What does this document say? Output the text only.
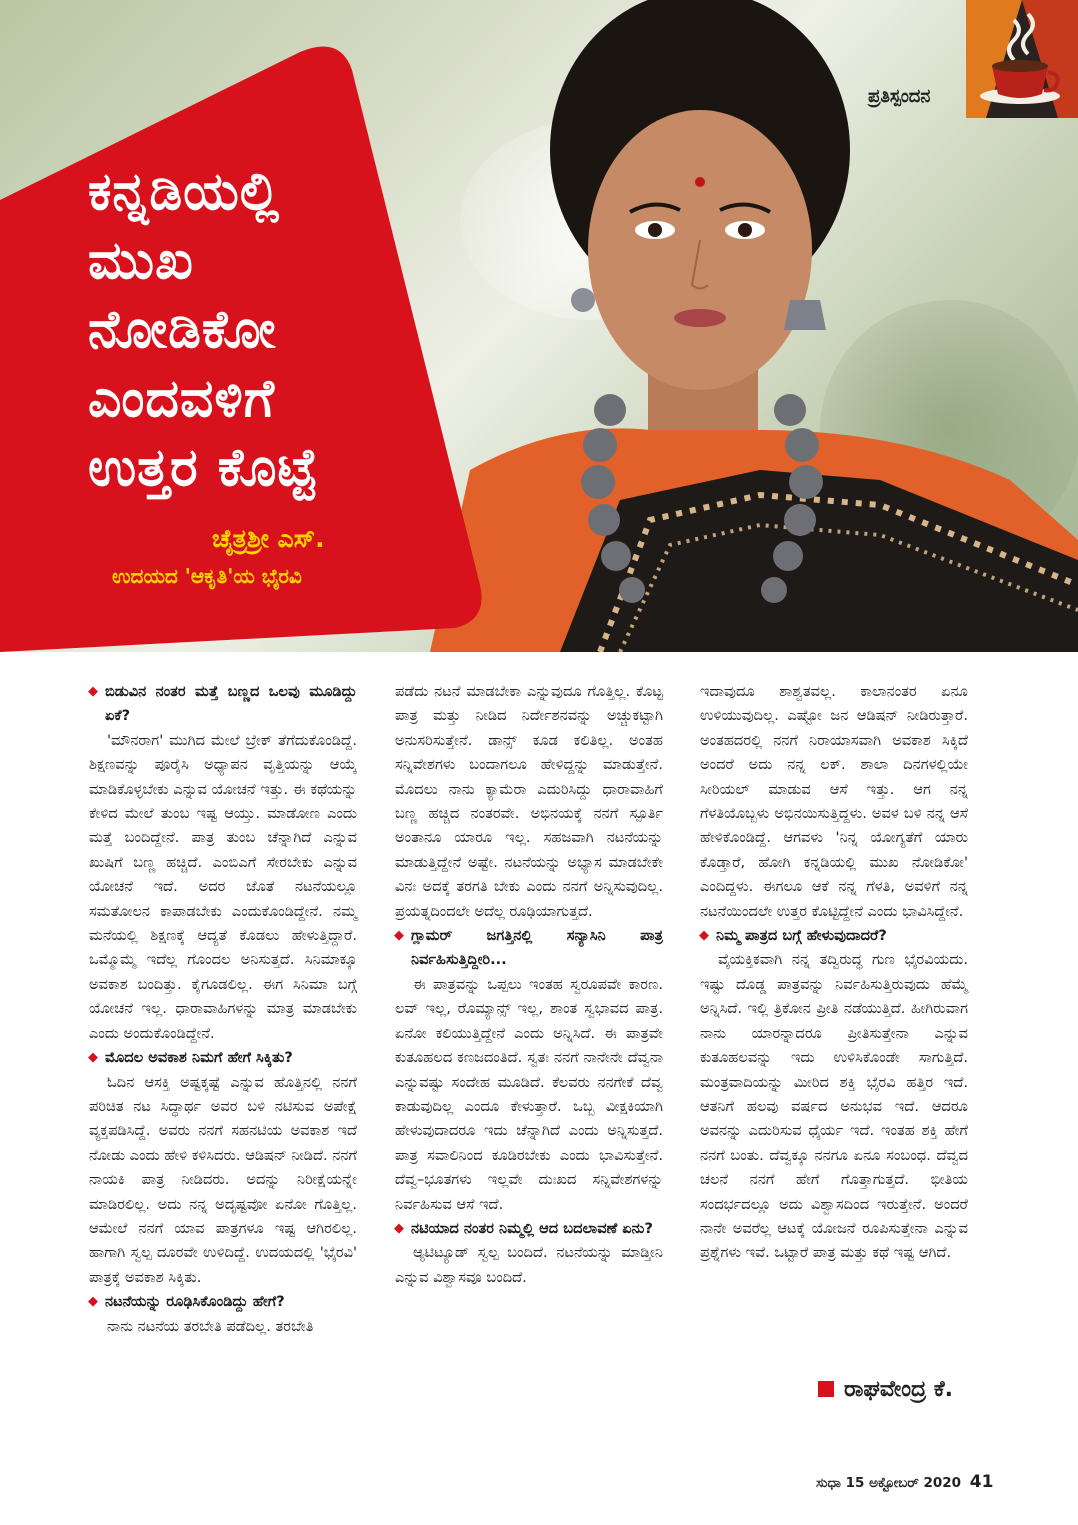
ಕನ್ನಡಿಯಲ್ಲಿ
ಮುಖ
ನೋಡಿಕೋ
ಎಂದವಳಿಗೆ
ಉತ್ತರ ಕೊಟ್ಟೆ

ಚೈತ್ರಶ್ರೀ ಎಸ್‌.

ಉದಯದ 'ಆಕೃತಿ'ಯ ಭೈರವಿ

ಪ್ರತಿಸ್ಪಂದನ

◆ ಬಿಡುವಿನ ನಂತರ ಮತ್ತೆ ಬಣ್ಣದ ಒಲವು ಮೂಡಿದ್ದು ಏಕೆ?

'ಮೌನರಾಗ' ಮುಗಿದ ಮೇಲೆ ಬ್ರೇಕ್ ತೆಗೆದುಕೊಂಡಿದ್ದೆ. ಶಿಕ್ಷಣವನ್ನು ಪೂರೈಸಿ ಅಧ್ಯಾಪನ ವೃತ್ತಿಯನ್ನು ಆಯ್ಕೆ ಮಾಡಿಕೊಳ್ಳಬೇಕು ಎನ್ನುವ ಯೋಚನೆ ಇತ್ತು. ಈ ಕಥೆಯನ್ನು ಕೇಳಿದ ಮೇಲೆ ತುಂಬ ಇಷ್ಟ ಆಯ್ತು. ಮಾಡೋಣ ಎಂದು ಮತ್ತೆ ಬಂದಿದ್ದೇನೆ. ಪಾತ್ರ ತುಂಬ ಚೆನ್ನಾಗಿದೆ ಎನ್ನುವ ಖುಷಿಗೆ ಬಣ್ಣ ಹಚ್ಚಿದೆ. ಎಂಬಿಎಗೆ ಸೇರಬೇಕು ಎನ್ನುವ ಯೋಚನೆ ಇದೆ. ಅದರ ಜೊತೆ ನಟನೆಯಲ್ಲೂ ಸಮತೋಲನ ಕಾಪಾಡಬೇಕು ಎಂದುಕೊಂಡಿದ್ದೇನೆ. ನಮ್ಮ ಮನೆಯಲ್ಲಿ ಶಿಕ್ಷಣಕ್ಕೆ ಆದ್ಯತೆ ಕೊಡಲು ಹೇಳುತ್ತಿದ್ದಾರೆ. ಒಮ್ಮೊಮ್ಮೆ ಇದೆಲ್ಲ ಗೊಂದಲ ಅನಿಸುತ್ತದೆ. ಸಿನಿಮಾಕ್ಕೂ ಅವಕಾಶ ಬಂದಿತ್ತು. ಕೈಗೂಡಲಿಲ್ಲ. ಈಗ ಸಿನಿಮಾ ಬಗ್ಗೆ ಯೋಚನೆ ಇಲ್ಲ. ಧಾರಾವಾಹಿಗಳನ್ನು ಮಾತ್ರ ಮಾಡಬೇಕು ಎಂದು ಅಂದುಕೊಂಡಿದ್ದೇನೆ.

◆ ಮೊದಲ ಅವಕಾಶ ನಿಮಗೆ ಹೇಗೆ ಸಿಕ್ಕಿತು?

ಓದಿನ ಆಸಕ್ತಿ ಅಷ್ಟಕ್ಕಷ್ಟೆ ಎನ್ನುವ ಹೊತ್ತಿನಲ್ಲಿ ನನಗೆ ಪರಿಚಿತ ನಟ ಸಿದ್ಧಾರ್ಥ ಅವರ ಬಳಿ ನಟಿಸುವ ಅಪೇಕ್ಷೆ ವ್ಯಕ್ತಪಡಿಸಿದ್ದೆ. ಅವರು ನನಗೆ ಸಹನಟಿಯ ಅವಕಾಶ ಇದೆ ನೋಡು ಎಂದು ಹೇಳಿ ಕಳಿಸಿದರು. ಆಡಿಷನ್ ನೀಡಿದೆ. ನನಗೆ ನಾಯಕಿ ಪಾತ್ರ ನೀಡಿದರು. ಅದನ್ನು ನಿರೀಕ್ಷೆಯನ್ನೇ ಮಾಡಿರಲಿಲ್ಲ. ಅದು ನನ್ನ ಅದೃಷ್ಟವೋ ಏನೋ ಗೊತ್ತಿಲ್ಲ. ಆಮೇಲೆ ನನಗೆ ಯಾವ ಪಾತ್ರಗಳೂ ಇಷ್ಟ ಆಗಿರಲಿಲ್ಲ. ಹಾಗಾಗಿ ಸ್ವಲ್ಪ ದೂರವೇ ಉಳಿದಿದ್ದೆ. ಉದಯದಲ್ಲಿ 'ಭೈರವಿ' ಪಾತ್ರಕ್ಕೆ ಅವಕಾಶ ಸಿಕ್ಕಿತು.

◆ ನಟನೆಯನ್ನು ರೂಢಿಸಿಕೊಂಡಿದ್ದು ಹೇಗೆ?

ನಾನು ನಟನೆಯ ತರಬೇತಿ ಪಡೆದಿಲ್ಲ. ತರಬೇತಿ

ಪಡೆದು ನಟನೆ ಮಾಡಬೇಕಾ ಎನ್ನುವುದೂ ಗೊತ್ತಿಲ್ಲ. ಕೊಟ್ಟ ಪಾತ್ರ ಮತ್ತು ನೀಡಿದ ನಿರ್ದೇಶನವನ್ನು ಅಚ್ಚುಕಟ್ಟಾಗಿ ಅನುಸರಿಸುತ್ತೇನೆ. ಡಾನ್ಸ್ ಕೂಡ ಕಲಿತಿಲ್ಲ. ಅಂತಹ ಸನ್ನಿವೇಶಗಳು ಬಂದಾಗಲೂ ಹೇಳಿದ್ದನ್ನು ಮಾಡುತ್ತೇನೆ. ಮೊದಲು ನಾನು ಕ್ಯಾಮೆರಾ ಎದುರಿಸಿದ್ದು ಧಾರಾವಾಹಿಗೆ ಬಣ್ಣ ಹಚ್ಚಿದ ನಂತರವೇ. ಅಭಿನಯಕ್ಕೆ ನನಗೆ ಸ್ಪೂರ್ತಿ ಅಂತಾನೂ ಯಾರೂ ಇಲ್ಲ. ಸಹಜವಾಗಿ ನಟನೆಯನ್ನು ಮಾಡುತ್ತಿದ್ದೇನೆ ಅಷ್ಟೇ. ನಟನೆಯನ್ನು ಅಭ್ಯಾಸ ಮಾಡಬೇಕೇ ವಿನಃ ಅದಕ್ಕೆ ತರಗತಿ ಬೇಕು ಎಂದು ನನಗೆ ಅನ್ನಿಸುವುದಿಲ್ಲ. ಪ್ರಯತ್ನದಿಂದಲೇ ಅದೆಲ್ಲ ರೂಢಿಯಾಗುತ್ತದೆ.

◆ ಗ್ಲಾಮರ್ ಜಗತ್ತಿನಲ್ಲಿ ಸನ್ಯಾಸಿನಿ ಪಾತ್ರ ನಿರ್ವಹಿಸುತ್ತಿದ್ದೀರಿ...

ಈ ಪಾತ್ರವನ್ನು ಒಪ್ಪಲು ಇಂತಹ ಸ್ವರೂಪವೇ ಕಾರಣ. ಲವ್ ಇಲ್ಲ, ರೊಮ್ಯಾನ್ಸ್ ಇಲ್ಲ, ಶಾಂತ ಸ್ವಭಾವದ ಪಾತ್ರ. ಏನೋ ಕಲಿಯುತ್ತಿದ್ದೇನೆ ಎಂದು ಅನ್ನಿಸಿದೆ. ಈ ಪಾತ್ರವೇ ಕುತೂಹಲದ ಕಣಜದಂತಿದೆ. ಸ್ವತಃ ನನಗೆ ನಾನೇನೇ ದೆವ್ವನಾ ಎನ್ನುವಷ್ಟು ಸಂದೇಹ ಮೂಡಿದೆ. ಕೆಲವರು ನನಗೇಕೆ ದೆವ್ವ ಕಾಡುವುದಿಲ್ಲ ಎಂದೂ ಕೇಳುತ್ತಾರೆ. ಒಬ್ಬ ವೀಕ್ಷಕಿಯಾಗಿ ಹೇಳುವುದಾದರೂ ಇದು ಚೆನ್ನಾಗಿದೆ ಎಂದು ಅನ್ನಿಸುತ್ತದೆ. ಪಾತ್ರ ಸವಾಲಿನಿಂದ ಕೂಡಿರಬೇಕು ಎಂದು ಭಾವಿಸುತ್ತೇನೆ. ದೆವ್ವ–ಭೂತಗಳು ಇಲ್ಲವೇ ದುಃಖದ ಸನ್ನಿವೇಶಗಳನ್ನು ನಿರ್ವಹಿಸುವ ಆಸೆ ಇದೆ.

◆ ನಟಿಯಾದ ನಂತರ ನಿಮ್ಮಲ್ಲಿ ಆದ ಬದಲಾವಣೆ ಏನು?

ಆ್ಯಟಿಟ್ಯೂಡ್ ಸ್ವಲ್ಪ ಬಂದಿದೆ. ನಟನೆಯನ್ನು ಮಾಡ್ತೀನಿ ಎನ್ನುವ ವಿಶ್ವಾಸವೂ ಬಂದಿದೆ.

ಇದಾವುದೂ ಶಾಶ್ವತವಲ್ಲ. ಕಾಲಾನಂತರ ಏನೂ ಉಳಿಯುವುದಿಲ್ಲ. ಎಷ್ಟೋ ಜನ ಆಡಿಷನ್ ನೀಡಿರುತ್ತಾರೆ. ಅಂತಹದರಲ್ಲಿ ನನಗೆ ನಿರಾಯಾಸವಾಗಿ ಅವಕಾಶ ಸಿಕ್ಕಿದೆ ಅಂದರೆ ಅದು ನನ್ನ ಲಕ್. ಶಾಲಾ ದಿನಗಳಲ್ಲಿಯೇ ಸೀರಿಯಲ್ ಮಾಡುವ ಆಸೆ ಇತ್ತು. ಆಗ ನನ್ನ ಗೆಳತಿಯೊಬ್ಬಳು ಅಭಿನಯಿಸುತ್ತಿದ್ದಳು. ಅವಳ ಬಳಿ ನನ್ನ ಆಸೆ ಹೇಳಿಕೊಂಡಿದ್ದೆ. ಆಗವಳು 'ನಿನ್ನ ಯೋಗ್ಯತೆಗೆ ಯಾರು ಕೊಡ್ತಾರೆ, ಹೋಗಿ ಕನ್ನಡಿಯಲ್ಲಿ ಮುಖ ನೋಡಿಕೋ' ಎಂದಿದ್ದಳು. ಈಗಲೂ ಆಕೆ ನನ್ನ ಗೆಳತಿ, ಅವಳಿಗೆ ನನ್ನ ನಟನೆಯಿಂದಲೇ ಉತ್ತರ ಕೊಟ್ಟಿದ್ದೇನೆ ಎಂದು ಭಾವಿಸಿದ್ದೇನೆ.

◆ ನಿಮ್ಮ ಪಾತ್ರದ ಬಗ್ಗೆ ಹೇಳುವುದಾದರೆ?

ವೈಯಕ್ತಿಕವಾಗಿ ನನ್ನ ತದ್ವಿರುದ್ಧ ಗುಣ ಭೈರವಿಯದು. ಇಷ್ಟು ದೊಡ್ಡ ಪಾತ್ರವನ್ನು ನಿರ್ವಹಿಸುತ್ತಿರುವುದು ಹೆಮ್ಮೆ ಅನ್ನಿಸಿದೆ. ಇಲ್ಲಿ ತ್ರಿಕೋನ ಪ್ರೀತಿ ನಡೆಯುತ್ತಿದೆ. ಹೀಗಿರುವಾಗ ನಾನು ಯಾರನ್ನಾದರೂ ಪ್ರೀತಿಸುತ್ತೇನಾ ಎನ್ನುವ ಕುತೂಹಲವನ್ನು ಇದು ಉಳಿಸಿಕೊಂಡೇ ಸಾಗುತ್ತಿದೆ. ಮಂತ್ರವಾದಿಯನ್ನು ಮೀರಿದ ಶಕ್ತಿ ಭೈರವಿ ಹತ್ತಿರ ಇದೆ. ಆತನಿಗೆ ಹಲವು ವರ್ಷದ ಅನುಭವ ಇದೆ. ಆದರೂ ಅವನನ್ನು ಎದುರಿಸುವ ಧೈರ್ಯ ಇದೆ. ಇಂತಹ ಶಕ್ತಿ ಹೇಗೆ ನನಗೆ ಬಂತು. ದೆವ್ವಕ್ಕೂ ನನಗೂ ಏನೂ ಸಂಬಂಧ. ದೆವ್ವದ ಚಲನೆ ನನಗೆ ಹೇಗೆ ಗೊತ್ತಾಗುತ್ತದೆ. ಭೀತಿಯ ಸಂದರ್ಭದಲ್ಲೂ ಅದು ವಿಶ್ವಾಸದಿಂದ ಇರುತ್ತೇನೆ. ಅಂದರೆ ನಾನೇ ಅವರೆಲ್ಲ ಆಟಕ್ಕೆ ಯೋಜನೆ ರೂಪಿಸುತ್ತೇನಾ ಎನ್ನುವ ಪ್ರಶ್ನೆಗಳು ಇವೆ. ಒಟ್ಟಾರೆ ಪಾತ್ರ ಮತ್ತು ಕಥೆ ಇಷ್ಟ ಆಗಿದೆ.

ರಾಘವೇಂದ್ರ ಕೆ.
ಸುಧಾ 15 ಅಕ್ಟೋಬರ್ 2020 41
